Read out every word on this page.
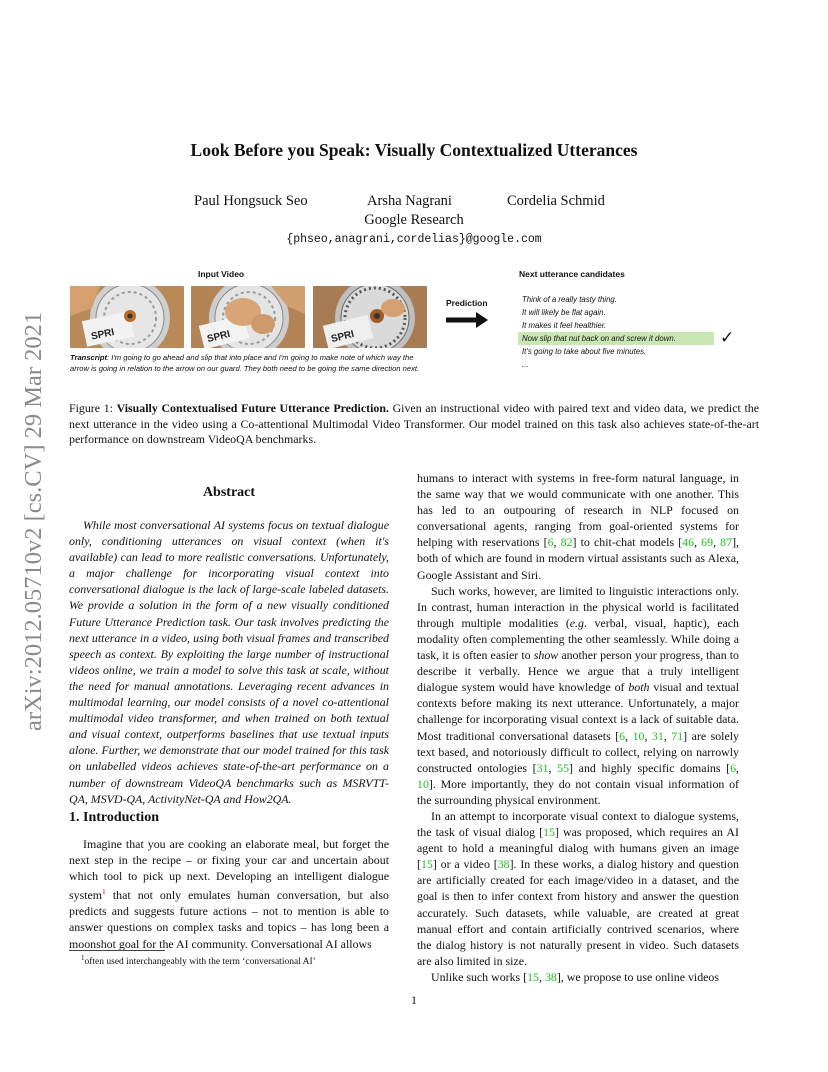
arXiv:2012.05710v2 [cs.CV] 29 Mar 2021
Look Before you Speak: Visually Contextualized Utterances
Paul Hongsuck Seo	Arsha Nagrani	Cordelia Schmid
Google Research
{phseo,anagrani,cordelias}@google.com
Input Video	Next utterance candidates
SPRI	SPRI	SPRI
Transcript: I'm going to go ahead and slip that into place and I'm going to make note of which way the arrow is going in relation to the arrow on our guard. They both need to be going the same direction next.
Prediction	Think of a really tasty thing.
It will likely be flat again.
It makes it feel healthier.
Now slip that nut back on and screw it down.
It's going to take about five minutes.
...
✓
Figure 1: Visually Contextualised Future Utterance Prediction. Given an instructional video with paired text and video data, we predict the next utterance in the video using a Co-attentional Multimodal Video Transformer. Our model trained on this task also achieves state-of-the-art performance on downstream VideoQA benchmarks.
Abstract
While most conversational AI systems focus on textual dialogue only, conditioning utterances on visual context (when it's available) can lead to more realistic conversations. Unfortunately, a major challenge for incorporating visual context into conversational dialogue is the lack of large-scale labeled datasets. We provide a solution in the form of a new visually conditioned Future Utterance Prediction task. Our task involves predicting the next utterance in a video, using both visual frames and transcribed speech as context. By exploiting the large number of instructional videos online, we train a model to solve this task at scale, without the need for manual annotations. Leveraging recent advances in multimodal learning, our model consists of a novel co-attentional multimodal video transformer, and when trained on both textual and visual context, outperforms baselines that use textual inputs alone. Further, we demonstrate that our model trained for this task on unlabelled videos achieves state-of-the-art performance on a number of downstream VideoQA benchmarks such as MSRVTT-QA, MSVD-QA, ActivityNet-QA and How2QA.
1. Introduction
Imagine that you are cooking an elaborate meal, but forget the next step in the recipe – or fixing your car and uncertain about which tool to pick up next. Developing an intelligent dialogue system$^1$ that not only emulates human conversation, but also predicts and suggests future actions – not to mention is able to answer questions on complex tasks and topics – has long been a moonshot goal for the AI community. Conversational AI allows
$^1$often used interchangeably with the term ‘conversational AI’

humans to interact with systems in free-form natural language, in the same way that we would communicate with one another. This has led to an outpouring of research in NLP focused on conversational agents, ranging from goal-oriented systems for helping with reservations [6, 82] to chit-chat models [46, 69, 87], both of which are found in modern virtual assistants such as Alexa, Google Assistant and Siri.

Such works, however, are limited to linguistic interactions only. In contrast, human interaction in the physical world is facilitated through multiple modalities (e.g. verbal, visual, haptic), each modality often complementing the other seamlessly. While doing a task, it is often easier to show another person your progress, than to describe it verbally. Hence we argue that a truly intelligent dialogue system would have knowledge of both visual and textual contexts before making its next utterance. Unfortunately, a major challenge for incorporating visual context is a lack of suitable data. Most traditional conversational datasets [6, 10, 31, 71] are solely text based, and notoriously difficult to collect, relying on narrowly constructed ontologies [31, 55] and highly specific domains [6, 10]. More importantly, they do not contain visual information of the surrounding physical environment.

In an attempt to incorporate visual context to dialogue systems, the task of visual dialog [15] was proposed, which requires an AI agent to hold a meaningful dialog with humans given an image [15] or a video [38]. In these works, a dialog history and question are artificially created for each image/video in a dataset, and the goal is then to infer context from history and answer the question accurately. Such datasets, while valuable, are created at great manual effort and contain artificially contrived scenarios, where the dialog history is not naturally present in video. Such datasets are also limited in size.

Unlike such works [15, 38], we propose to use online videos

1
